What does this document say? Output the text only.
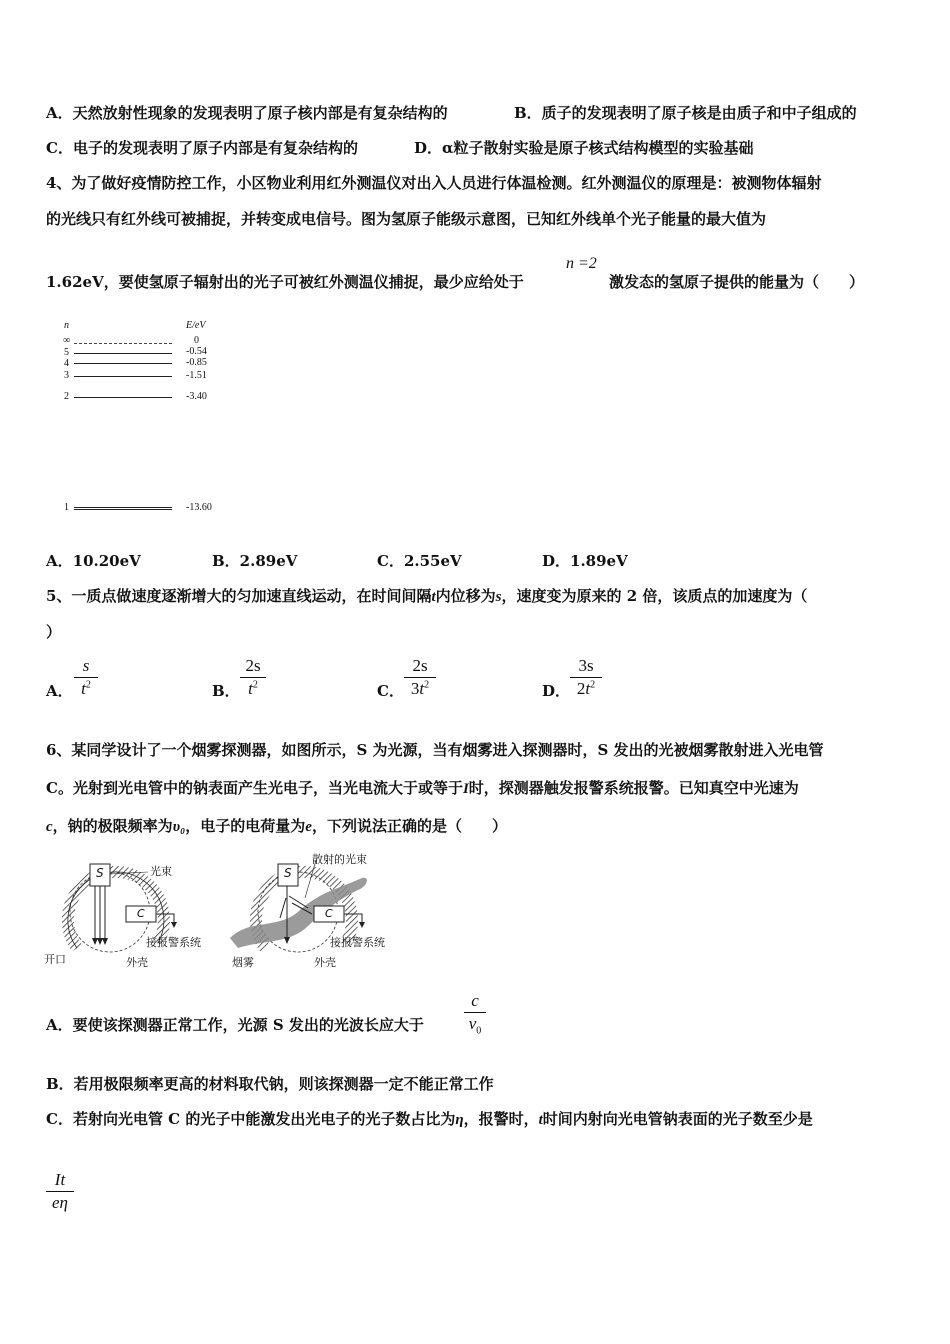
A．天然放射性现象的发现表明了原子核内部是有复杂结构的	B．质子的发现表明了原子核是由质子和中子组成的
C．电子的发现表明了原子内部是有复杂结构的	D．α粒子散射实验是原子核式结构模型的实验基础
4、为了做好疫情防控工作，小区物业利用红外测温仪对出入人员进行体温检测。红外测温仪的原理是：被测物体辐射
的光线只有红外线可被捕捉，并转变成电信号。图为氢原子能级示意图，已知红外线单个光子能量的最大值为
1.62eV，要使氢原子辐射出的光子可被红外测温仪捕捉，最少应给处于
n =2
激发态的氢原子提供的能量为（　　）
n	E/eV
∞	0
5	-0.54
4	-0.85
3	-1.51
2	-3.40
1	-13.60
A．10.20eV	B．2.89eV	C．2.55eV	D．1.89eV
5、一质点做速度逐渐增大的匀加速直线运动，在时间间隔t内位移为s，速度变为原来的 2 倍，该质点的加速度为（
）
A．
s
$t^2$	B．
2s
$t^2$	C．
2s
$3t^2$	D．
3s
$2t^2$
6、某同学设计了一个烟雾探测器，如图所示，S 为光源，当有烟雾进入探测器时，S 发出的光被烟雾散射进入光电管
C。光射到光电管中的钠表面产生光电子，当光电流大于或等于I时，探测器触发报警系统报警。已知真空中光速为
c，钠的极限频率为υ₀，电子的电荷量为e，下列说法正确的是（　　）
S
C
光束
接报警系统
开口	外壳
S
C
散射的光束
接报警系统
烟雾	外壳
A．要使该探测器正常工作，光源 S 发出的光波长应大于
c
$v_0$
B．若用极限频率更高的材料取代钠，则该探测器一定不能正常工作
C．若射向光电管 C 的光子中能激发出光电子的光子数占比为η，报警时，t时间内射向光电管钠表面的光子数至少是
It
eη
